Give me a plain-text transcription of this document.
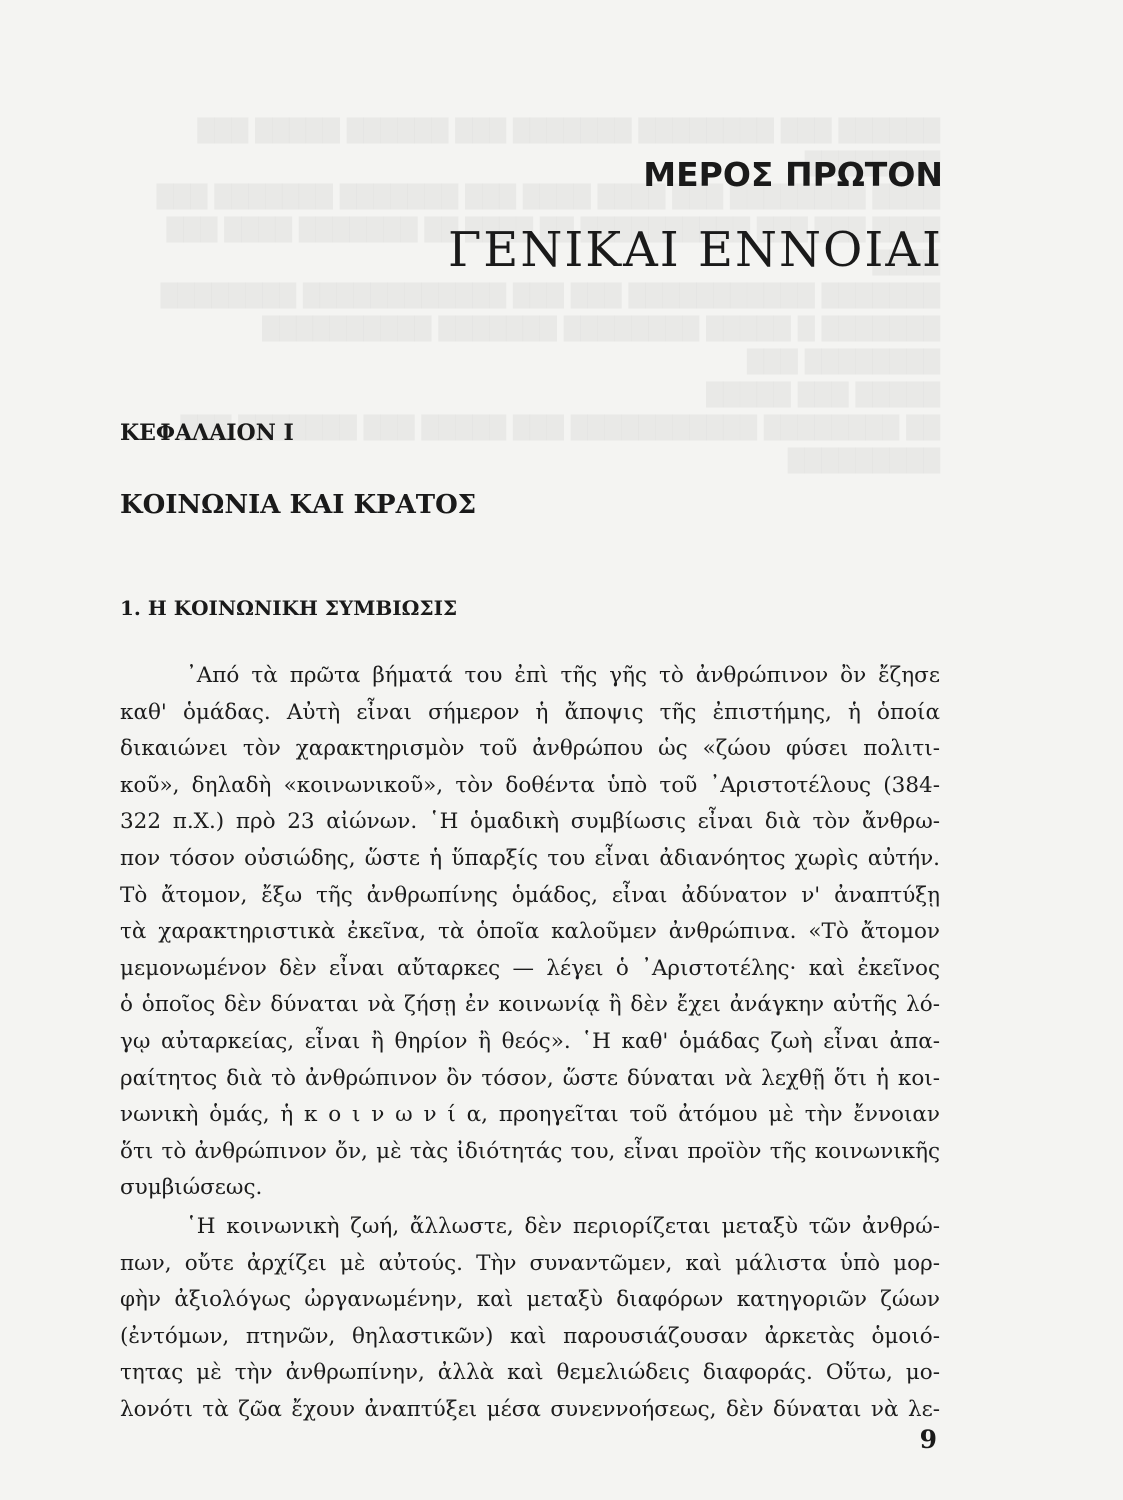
ΜΕΡΟΣ ΠΡΩΤΟΝ
ΓΕΝΙΚΑΙ ΕΝΝΟΙΑΙ
ΚΕΦΑΛΑΙΟΝ Ι
ΚΟΙΝΩΝΙΑ ΚΑΙ ΚΡΑΤΟΣ
1. Η ΚΟΙΝΩΝΙΚΗ ΣΥΜΒΙΩΣΙΣ
᾿Από τὰ πρῶτα βήματά του ἐπὶ τῆς γῆς τὸ ἀνθρώπινον ὂν ἔζησε
καθ' ὁμάδας. Αὐτὴ εἶναι σήμερον ἡ ἄποψις τῆς ἐπιστήμης, ἡ ὁποία
δικαιώνει τὸν χαρακτηρισμὸν τοῦ ἀνθρώπου ὡς «ζώου φύσει πολιτι-
κοῦ», δηλαδὴ «κοινωνικοῦ», τὸν δοθέντα ὑπὸ τοῦ ᾿Αριστοτέλους (384-
322 π.Χ.) πρὸ 23 αἰώνων. ῾Η ὁμαδικὴ συμβίωσις εἶναι διὰ τὸν ἄνθρω-
πον τόσον οὐσιώδης, ὥστε ἡ ὕπαρξίς του εἶναι ἀδιανόητος χωρὶς αὐτήν.
Τὸ ἄτομον, ἔξω τῆς ἀνθρωπίνης ὁμάδος, εἶναι ἀδύνατον ν' ἀναπτύξῃ
τὰ χαρακτηριστικὰ ἐκεῖνα, τὰ ὁποῖα καλοῦμεν ἀνθρώπινα. «Τὸ ἄτομον
μεμονωμένον δὲν εἶναι αὔταρκες — λέγει ὁ ᾿Αριστοτέλης· καὶ ἐκεῖνος
ὁ ὁποῖος δὲν δύναται νὰ ζήσῃ ἐν κοινωνίᾳ ἢ δὲν ἔχει ἀνάγκην αὐτῆς λό-
γῳ αὐταρκείας, εἶναι ἢ θηρίον ἢ θεός». ῾Η καθ' ὁμάδας ζωὴ εἶναι ἀπα-
ραίτητος διὰ τὸ ἀνθρώπινον ὂν τόσον, ὥστε δύναται νὰ λεχθῇ ὅτι ἡ κοι-
νωνικὴ ὁμάς, ἡ κ ο ι ν ω ν ί α, προηγεῖται τοῦ ἀτόμου μὲ τὴν ἔννοιαν
ὅτι τὸ ἀνθρώπινον ὄν, μὲ τὰς ἰδιότητάς του, εἶναι προϊὸν τῆς κοινωνικῆς
συμβιώσεως.
῾Η κοινωνικὴ ζωή, ἄλλωστε, δὲν περιορίζεται μεταξὺ τῶν ἀνθρώ-
πων, οὔτε ἀρχίζει μὲ αὐτούς. Τὴν συναντῶμεν, καὶ μάλιστα ὑπὸ μορ-
φὴν ἀξιολόγως ὠργανωμένην, καὶ μεταξὺ διαφόρων κατηγοριῶν ζώων
(ἐντόμων, πτηνῶν, θηλαστικῶν) καὶ παρουσιάζουσαν ἀρκετὰς ὁμοιό-
τητας μὲ τὴν ἀνθρωπίνην, ἀλλὰ καὶ θεμελιώδεις διαφοράς. Οὕτω, μο-
λονότι τὰ ζῶα ἔχουν ἀναπτύξει μέσα συνεννοήσεως, δὲν δύναται νὰ λε-
9
